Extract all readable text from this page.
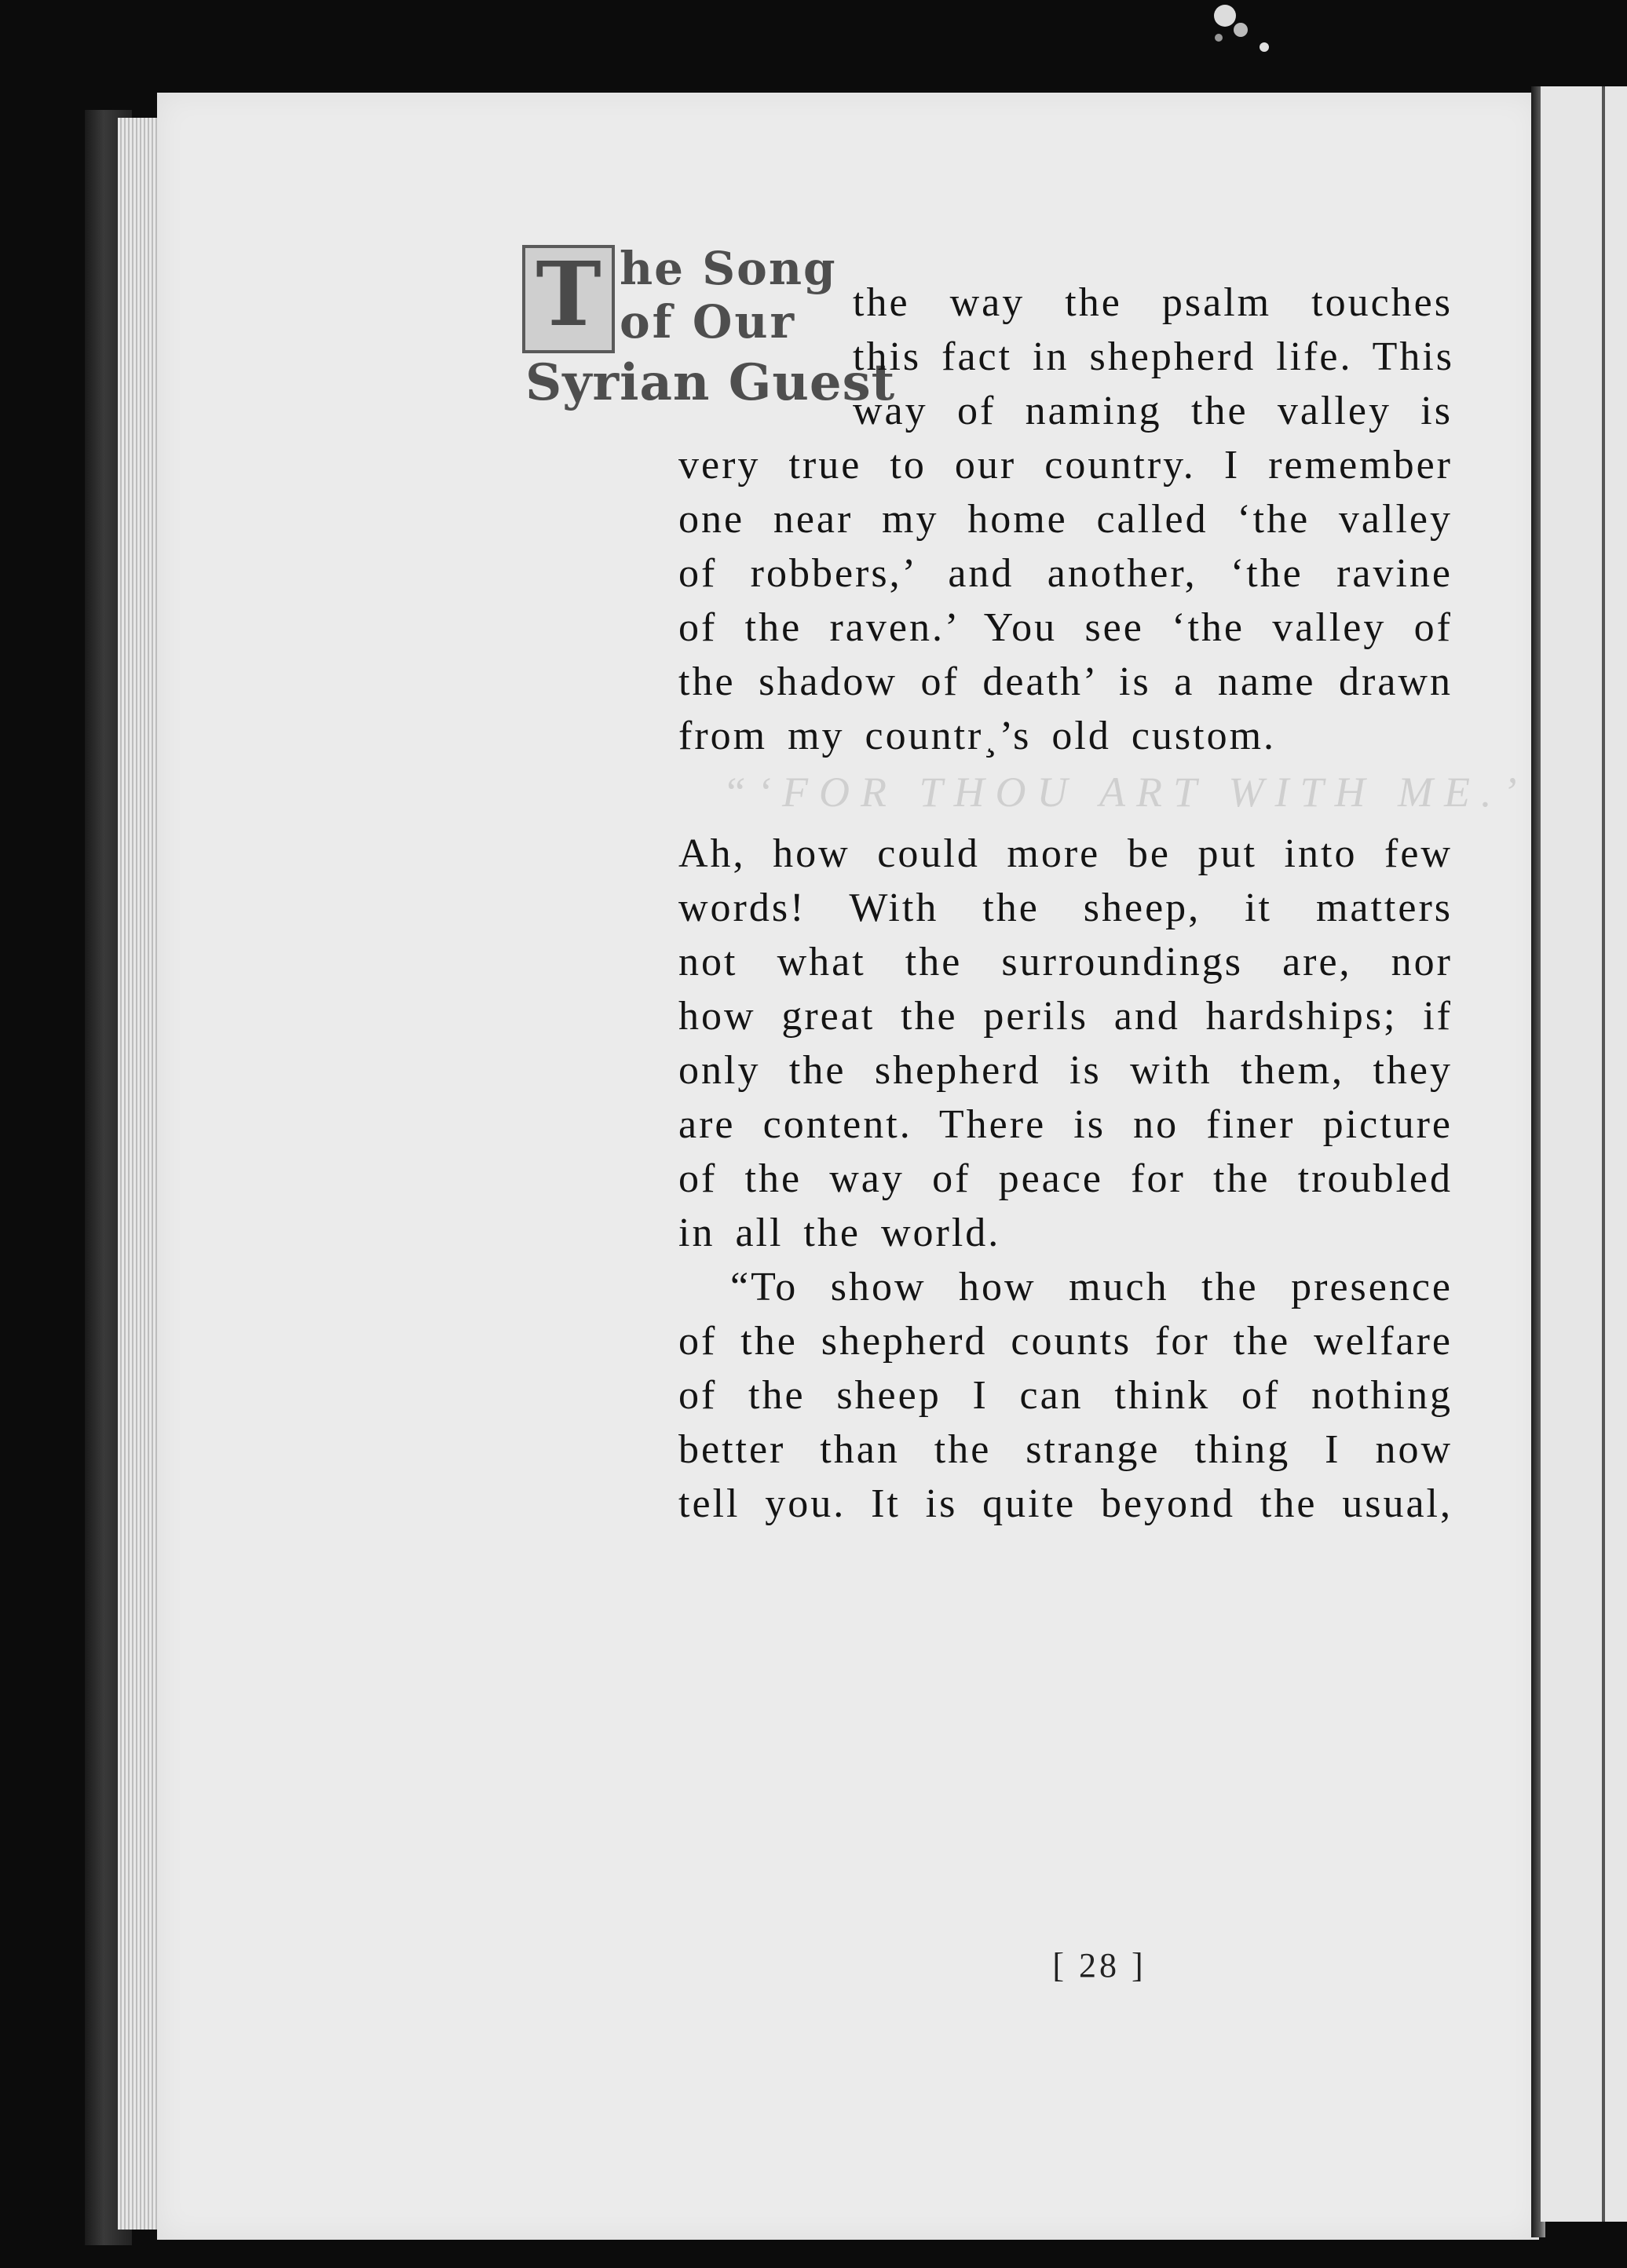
T he Song
of Our
Syrian Guest
the way the psalm touches
this fact in shepherd life. This
way of naming the valley is
very true to our country. I remember
one near my home called ‘the valley
of robbers,’ and another, ‘the ravine
of the raven.’ You see ‘the valley of
the shadow of death’ is a name drawn
from my countr¸’s old custom.
“‘FOR THOU ART WITH ME.’
Ah, how could more be put into few
words! With the sheep, it matters
not what the surroundings are, nor
how great the perils and hardships; if
only the shepherd is with them, they
are content. There is no finer picture
of the way of peace for the troubled
in all the world.
“To show how much the presence
of the shepherd counts for the welfare
of the sheep I can think of nothing
better than the strange thing I now
tell you. It is quite beyond the usual,
[ 28 ]
